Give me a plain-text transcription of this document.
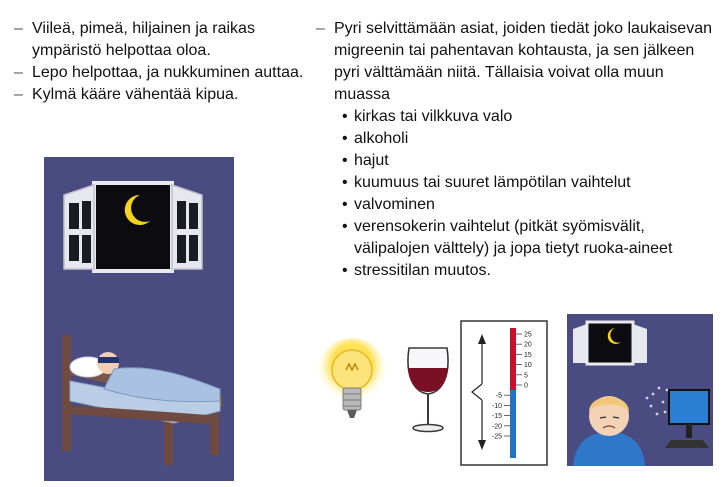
– Viileä, pimeä, hiljainen ja raikas ympäristö helpottaa oloa.

– Lepo helpottaa, ja nukkuminen auttaa.

– Kylmä kääre vähentää kipua.

– Pyri selvittämään asiat, joiden tiedät joko laukaisevan migreenin tai pahentavan kohtausta, ja sen jälkeen pyri välttämään niitä. Tällaisia voivat olla muun muassa

• kirkas tai vilkkuva valo
• alkoholi
• hajut
• kuumuus tai suuret lämpötilan vaihtelut
• valvominen
• verensokerin vaihtelut (pitkät syömisvälit, välipalojen välttely) ja jopa tietyt ruoka-aineet
• stressitilan muutos.
25
20
15
10
5
0
-5
-10
-15
-20
-25
